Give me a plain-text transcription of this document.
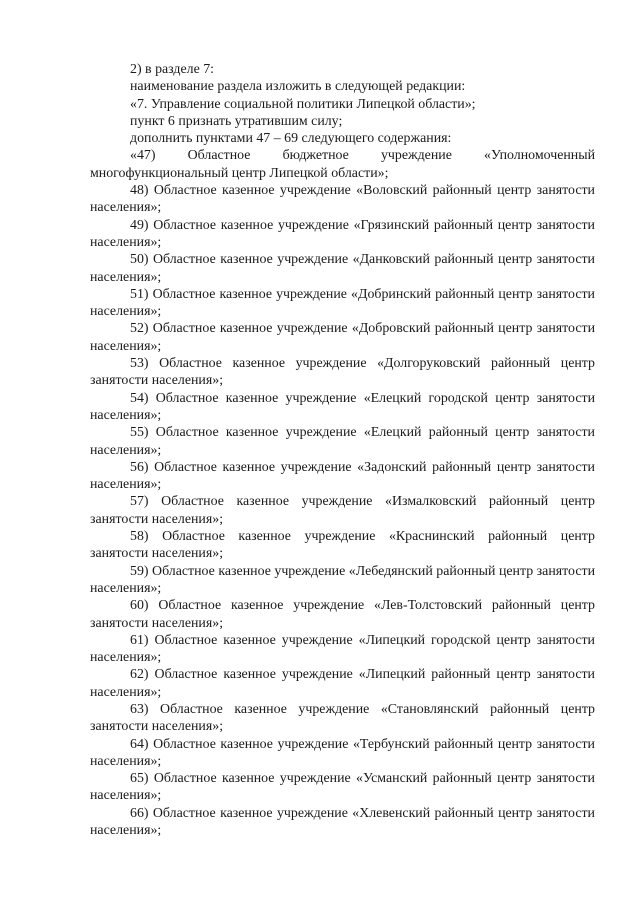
2) в разделе 7:

наименование раздела изложить в следующей редакции:

«7. Управление социальной политики Липецкой области»;

пункт 6 признать утратившим силу;

дополнить пунктами 47 – 69 следующего содержания:

«47) Областное бюджетное учреждение «Уполномоченный многофункциональный центр Липецкой области»;

48) Областное казенное учреждение «Воловский районный центр занятости населения»;

49) Областное казенное учреждение «Грязинский районный центр занятости населения»;

50) Областное казенное учреждение «Данковский районный центр занятости населения»;

51) Областное казенное учреждение «Добринский районный центр занятости населения»;

52) Областное казенное учреждение «Добровский районный центр занятости населения»;

53) Областное казенное учреждение «Долгоруковский районный центр занятости населения»;

54) Областное казенное учреждение «Елецкий городской центр занятости населения»;

55) Областное казенное учреждение «Елецкий районный центр занятости населения»;

56) Областное казенное учреждение «Задонский районный центр занятости населения»;

57) Областное казенное учреждение «Измалковский районный центр занятости населения»;

58) Областное казенное учреждение «Краснинский районный центр занятости населения»;

59) Областное казенное учреждение «Лебедянский районный центр занятости населения»;

60) Областное казенное учреждение «Лев-Толстовский районный центр занятости населения»;

61) Областное казенное учреждение «Липецкий городской центр занятости населения»;

62) Областное казенное учреждение «Липецкий районный центр занятости населения»;

63) Областное казенное учреждение «Становлянский районный центр занятости населения»;

64) Областное казенное учреждение «Тербунский районный центр занятости населения»;

65) Областное казенное учреждение «Усманский районный центр занятости населения»;

66) Областное казенное учреждение «Хлевенский районный центр занятости населения»;
